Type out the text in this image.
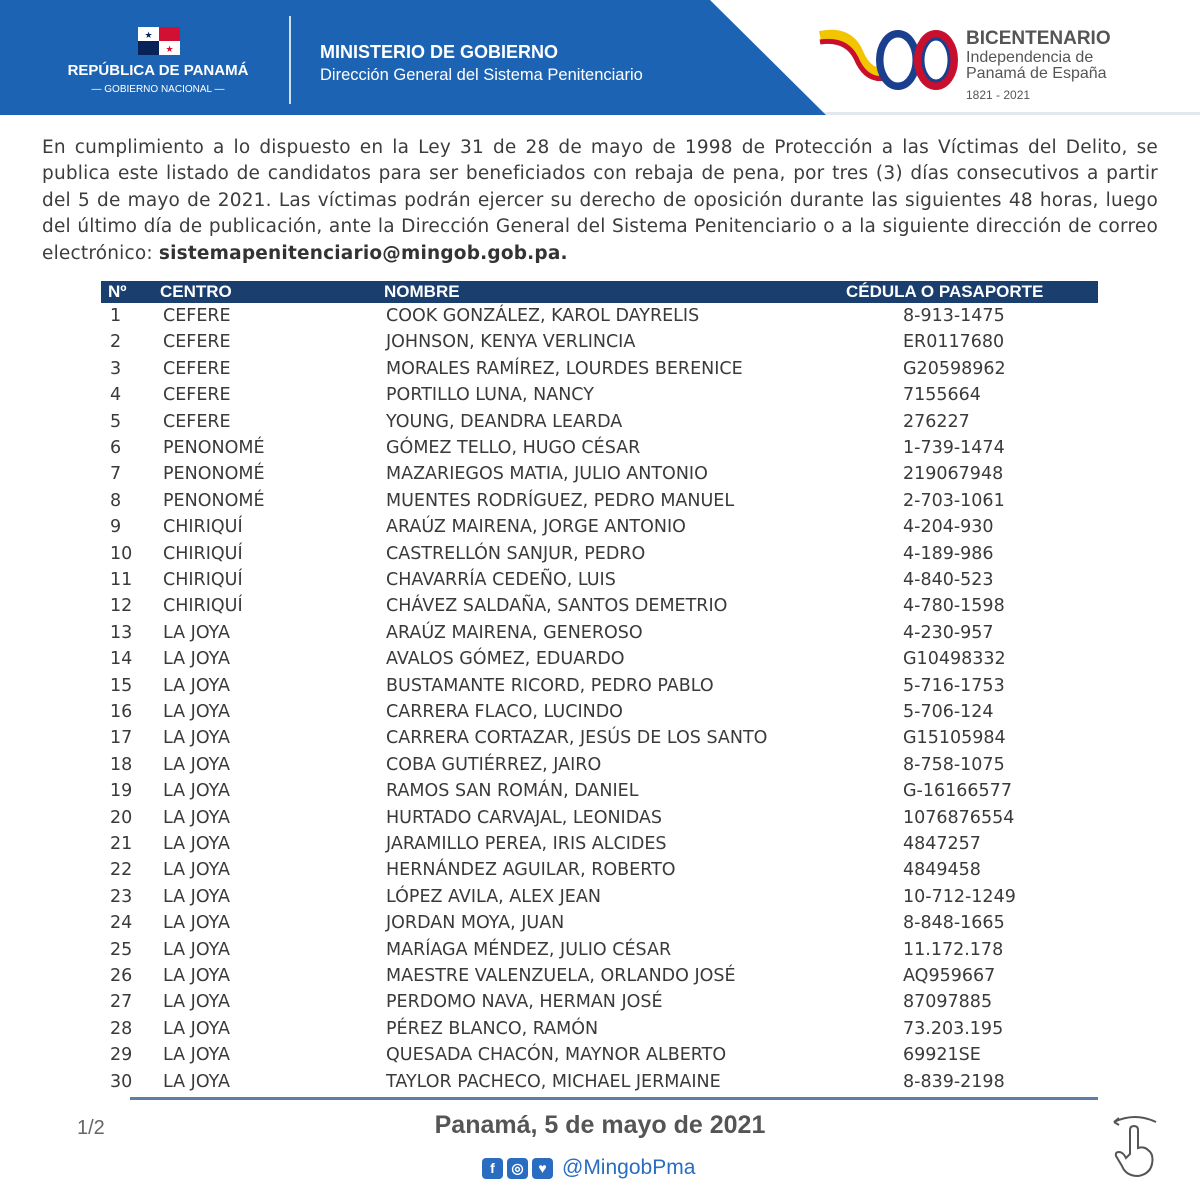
★
★
REPÚBLICA DE PANAMÁ
— GOBIERNO NACIONAL —
MINISTERIO DE GOBIERNO
Dirección General del Sistema Penitenciario
BICENTENARIO
Independencia de
Panamá de España
1821 - 2021

En cumplimiento a lo dispuesto en la Ley 31 de 28 de mayo de 1998 de Protección a las Víctimas del Delito, se publica este listado de candidatos para ser beneficiados con rebaja de pena, por tres (3) días consecutivos a partir del 5 de mayo de 2021. Las víctimas podrán ejercer su derecho de oposición durante las siguientes 48 horas, luego del último día de publicación, ante la Dirección General del Sistema Penitenciario o a la siguiente dirección de correo electrónico: sistemapenitenciario@mingob.gob.pa.

Nº CENTRO	NOMBRE	CÉDULA O PASAPORTE
1 CEFERE	COOK GONZÁLEZ, KAROL DAYRELIS	8-913-1475
2 CEFERE	JOHNSON, KENYA VERLINCIA	ER0117680
3 CEFERE	MORALES RAMÍREZ, LOURDES BERENICE	G20598962
4 CEFERE	PORTILLO LUNA, NANCY	7155664
5 CEFERE	YOUNG, DEANDRA LEARDA	276227
6 PENONOMÉ	GÓMEZ TELLO, HUGO CÉSAR	1-739-1474
7 PENONOMÉ	MAZARIEGOS MATIA, JULIO ANTONIO	219067948
8 PENONOMÉ	MUENTES RODRÍGUEZ, PEDRO MANUEL	2-703-1061
9 CHIRIQUÍ	ARAÚZ MAIRENA, JORGE ANTONIO	4-204-930
10 CHIRIQUÍ	CASTRELLÓN SANJUR, PEDRO	4-189-986
11 CHIRIQUÍ	CHAVARRÍA CEDEÑO, LUIS	4-840-523
12 CHIRIQUÍ	CHÁVEZ SALDAÑA, SANTOS DEMETRIO	4-780-1598
13 LA JOYA	ARAÚZ MAIRENA, GENEROSO	4-230-957
14 LA JOYA	AVALOS GÓMEZ, EDUARDO	G10498332
15 LA JOYA	BUSTAMANTE RICORD, PEDRO PABLO	5-716-1753
16 LA JOYA	CARRERA FLACO, LUCINDO	5-706-124
17 LA JOYA	CARRERA CORTAZAR, JESÚS DE LOS SANTO	G15105984
18 LA JOYA	COBA GUTIÉRREZ, JAIRO	8-758-1075
19 LA JOYA	RAMOS SAN ROMÁN, DANIEL	G-16166577
20 LA JOYA	HURTADO CARVAJAL, LEONIDAS	1076876554
21 LA JOYA	JARAMILLO PEREA, IRIS ALCIDES	4847257
22 LA JOYA	HERNÁNDEZ AGUILAR, ROBERTO	4849458
23 LA JOYA	LÓPEZ AVILA, ALEX JEAN	10-712-1249
24 LA JOYA	JORDAN MOYA, JUAN	8-848-1665
25 LA JOYA	MARÍAGA MÉNDEZ, JULIO CÉSAR	11.172.178
26 LA JOYA	MAESTRE VALENZUELA, ORLANDO JOSÉ	AQ959667
27 LA JOYA	PERDOMO NAVA, HERMAN JOSÉ	87097885
28 LA JOYA	PÉREZ BLANCO, RAMÓN	73.203.195
29 LA JOYA	QUESADA CHACÓN, MAYNOR ALBERTO	69921SE
30 LA JOYA	TAYLOR PACHECO, MICHAEL JERMAINE	8-839-2198
1/2	Panamá, 5 de mayo de 2021
f	◎	♥ @MingobPma
